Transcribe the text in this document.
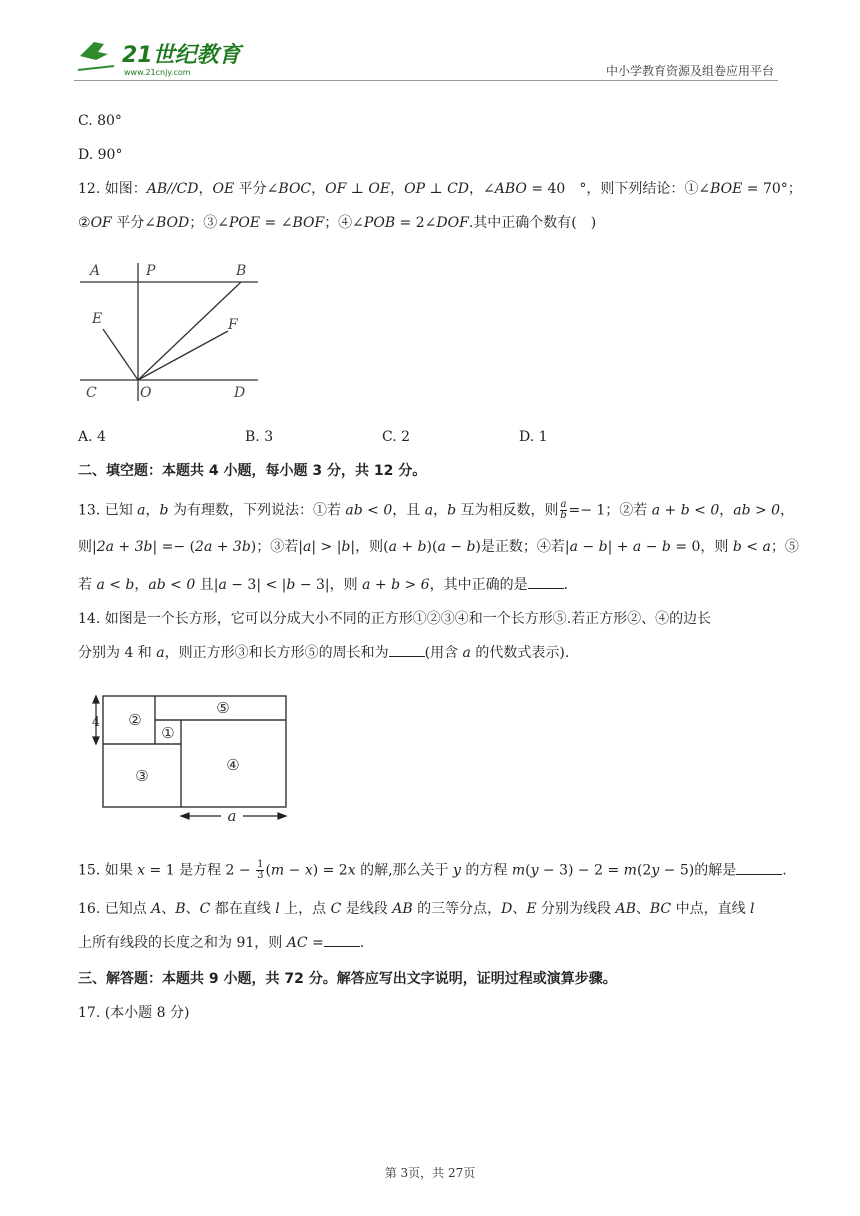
21世纪教育
www.21cnjy.com	中小学教育资源及组卷应用平台
C. 80°
D. 90°
12. 如图：AB//CD，OE 平分∠BOC，OF ⊥ OE，OP ⊥ CD，∠ABO = 40　°，则下列结论：①∠BOE = 70°；
②OF 平分∠BOD；③∠POE = ∠BOF；④∠POB = 2∠DOF.其中正确个数有(　)
A. 4	B. 3	C. 2	D. 1
二、填空题：本题共 4 小题，每小题 3 分，共 12 分。
13. 已知 a，b 为有理数，下列说法：①若 ab < 0，且 a，b 互为相反数，则 $\frac{a}{b} =- 1$；②若 a + b < 0，ab > 0，
则|2a + 3b| =− (2a + 3b)；③若|a| > |b|，则(a + b)(a − b)是正数；④若|a − b| + a − b = 0，则 b < a；⑤
若 a < b，ab < 0 且|a − 3| < |b − 3|，则 a + b > 6，其中正确的是	.
14. 如图是一个长方形，它可以分成大小不同的正方形①②③④和一个长方形⑤.若正方形②、④的边长
分别为 4 和 a，则正方形③和长方形⑤的周长和为	(用含 a 的代数式表示).
15. 如果 x = 1 是方程 $2 - \frac{1}{3} (m - x) = 2x$ 的解,那么关于 y 的方程 m(y − 3) − 2 = m(2y − 5)的解是	.
16. 已知点 A、B、C 都在直线 l 上，点 C 是线段 AB 的三等分点，D、E 分别为线段 AB、BC 中点，直线 l
上所有线段的长度之和为 91，则 AC =	.
三、解答题：本题共 9 小题，共 72 分。解答应写出文字说明，证明过程或演算步骤。
17. (本小题 8 分)
A	P	B
E	F
C	O	D
②
⑤
①
③
④
4
a
第 3页，共 27页
